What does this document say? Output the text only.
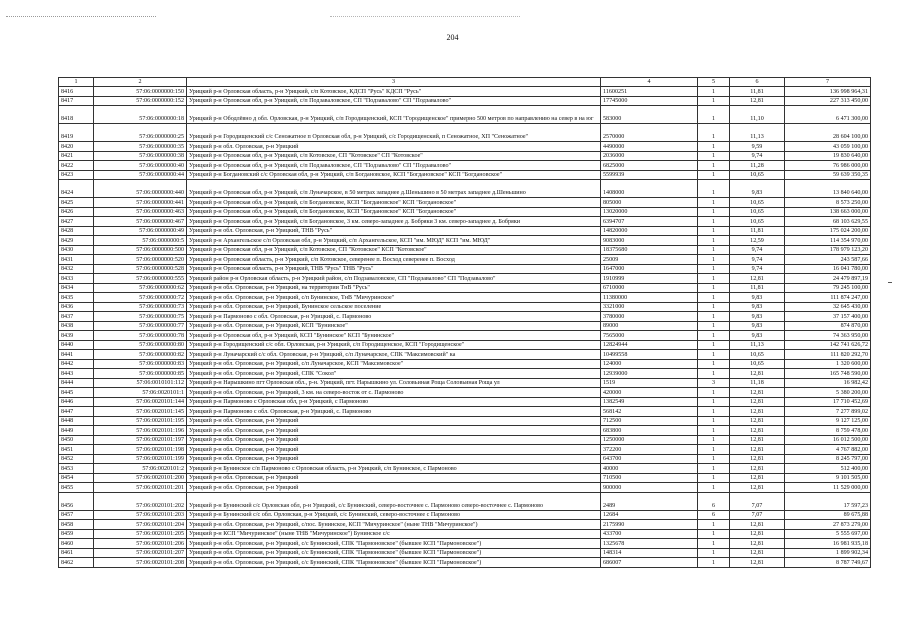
204
1	2	3	4	5	6	7
8416	57:06:0000000:150	Урицкий р-н Орловская область, р-н Урицкий, с/п Котовское, КДСП "Русь" КДСП "Русь"	11600251	1	11,81	136 998 964,31
8417	57:06:0000000:152	Урицкий р-н Орловская обл, р-н Урицкий, с/п Подзавалoвское, СП "Подзавалово" СП "Подзавалово"	17745000	1	12,81	227 313 450,00
8418	57:06:0000000:18	Урицкий р-н Ободлёвно д обл. Орловская, р-н Урицкий, с/п Городищенский, КСП "Городищенское" примерно 500 метров по направлению на север в на юг	583000	1	11,10	6 471 300,00
8419	57:06:0000000:25	Урицкий р-н Городищенский с/с Сеножатное п Орловская обл, р-н Урицкий, с/с Городищенский, п Сеножатное, ХП "Сеножатное"	2570000	1	11,13	28 604 100,00
8420	57:06:0000000:35	Урицкий р-н обл. Орловская, р-н Урицкий	4490000	1	9,59	43 059 100,00
8421	57:06:0000000:38	Урицкий р-н Орловская обл, р-н Урицкий, с/п Котовское, СП "Котовское" СП "Котовское"	2036000	1	9,74	19 830 640,00
8422	57:06:0000000:40	Урицкий р-н Орловская обл, р-н Урицкий, с/п Подзавалoвское, СП "Подзавалово" СП "Подзавалово"	6825000	1	11,28	76 986 000,00
8423	57:06:0000000:44	Урицкий р-н Богдановский с/с Орловская обл, р-н Урицкий, с/п Богдановское, КСП "Богдановское" КСП "Богдановское"	5599939	1	10,65	59 639 350,35
8424	57:06:0000000:440	Урицкий р-н Орловская обл, р-н Урицкий, с/п Луначарское, в 50 метрах западнее д.Шеньшино в 50 метрах западнее д.Шеньшино	1408000	1	9,83	13 840 640,00
8425	57:06:0000000:441	Урицкий р-н Орловская обл, р-н Урицкий, с/п Богдановское, КСП "Богдановское" КСП "Богдановское"	805000	1	10,65	8 573 250,00
8426	57:06:0000000:463	Урицкий р-н Орловская обл, р-н Урицкий, с/п Богдановское, КСП "Богдановское" КСП "Богдановское"	13020000	1	10,65	138 663 000,00
8427	57:06:0000000:467	Урицкий р-н Орловская обл, р-н Урицкий, с/п Богдановское, 3 км. северо-западнее д. Бобряки 3 км. северо-западнее д. Бобряки	6394707	1	10,65	68 103 629,55
8428	57:06:0000000:49	Урицкий р-н обл. Орловская, р-н Урицкий, ТНВ "Русь"	14820000	1	11,81	175 024 200,00
8429	57:06:0000000:5	Урицкий р-н Архангельское с/п Орловская обл, р-н Урицкий, с/п Архангельское, КСП "им. МЮД" КСП "им. МЮД"	9083000	1	12,59	114 354 970,00
8430	57:06:0000000:500	Урицкий р-н Орловская обл, р-н Урицкий, с/п Котовское, СП "Котовское" КСП "Котовское"	18375680	1	9,74	178 979 123,20
8431	57:06:0000000:520	Урицкий р-н Орловская область, р-н Урицкий, с/п Котовское, северенее п. Восход северенее п. Восход	25009	1	9,74	243 587,66
8432	57:06:0000000:528	Урицкий р-н Орловская область, р-н Урицкий, ТНВ "Русь" ТНВ "Русь"	1647000	1	9,74	16 041 780,00
8433	57:06:0000000:555	Урицкий район р-н Орловская область, р-н Урицкий район, с/п Подзавалoвское, СП "Подзавалово" СП "Подзавалово"	1910999	1	12,81	24 479 897,19
8434	57:06:0000000:62	Урицкий р-н обл. Орловская, р-н Урицкий, на территории ТнВ "Русь"	6710000	1	11,81	79 245 100,00
8435	57:06:0000000:72	Урицкий р-н обл. Орловская, р-н Урицкий, с/п Бунинское, ТнВ "Мичуринское"	11380000	1	9,83	111 874 247,00
8436	57:06:0000000:73	Урицкий р-н обл. Орловская, р-н Урицкий, Бунинское сельское поселение	3321000	1	9,83	32 645 430,00
8437	57:06:0000000:75	Урицкий р-н Пармоново с обл. Орловская, р-н Урицкий, с. Пармоново	3780000	1	9,83	37 157 400,00
8438	57:06:0000000:77	Урицкий р-н обл. Орловская, р-н Урицкий, КСП "Бунинское"	89000	1	9,83	874 870,00
8439	57:06:0000000:78	Урицкий р-н Орловская обл, р-н Урицкий, КСП "Бунинское" КСП "Бунинское"	7565000	1	9,83	74 363 950,00
8440	57:06:0000000:80	Урицкий р-н Городищенский с/с обл. Орловская, р-н Урицкий, с/п Городищенское, КСП "Городищенское"	12824944	1	11,13	142 741 626,72
8441	57:06:0000000:82	Урицкий р-н Луначарский с/с обл. Орловская, р-н Урицкий, с/п Луначарское, СПК "Максимовский" ка	10499558	1	10,65	111 820 292,70
8442	57:06:0000000:83	Урицкий р-н обл. Орловская, р-н Урицкий, с/п Луначарское, КСП "Максимовское"	124000	1	10,65	1 320 600,00
8443	57:06:0000000:85	Урицкий р-н обл. Орловская, р-н Урицкий, СПК "Сокол"	12939000	1	12,81	165 748 590,00
8444	57:06:0010101:112	Урицкий р-н Нарышкино пгт Орловская обл., р-н. Урицкий, пгт. Нарышкино ул. Соловьиная Роща Соловьиная Роща ул	1519	3	11,18	16 982,42
8445	57:06:0020101:1	Урицкий р-н обл. Орловская, р-н Урицкий, 3 км. на северо-восток от с. Пармоново	420000	1	12,81	5 380 200,00
8446	57:06:0020101:144	Урицкий р-н Пармоново с Орловская обл, р-н Урицкий, с Пармоново	1382549	1	12,81	17 710 452,69
8447	57:06:0020101:145	Урицкий р-н Пармоново с обл. Орловская, р-н Урицкий, с. Пармоново	568142	1	12,81	7 277 899,02
8448	57:06:0020101:195	Урицкий р-н обл. Орловская, р-н Урицкий	712500	1	12,81	9 127 125,00
8449	57:06:0020101:196	Урицкий р-н обл. Орловская, р-н Урицкий	683800	1	12,81	8 759 478,00
8450	57:06:0020101:197	Урицкий р-н обл. Орловская, р-н Урицкий	1250000	1	12,81	16 012 500,00
8451	57:06:0020101:198	Урицкий р-н обл. Орловская, р-н Урицкий	372200	1	12,81	4 767 882,00
8452	57:06:0020101:199	Урицкий р-н обл. Орловская, р-н Урицкий	643700	1	12,81	8 245 797,00
8453	57:06:0020101:2	Урицкий р-н Бунинское с/п Пармоново с Орловская область, р-н Урицкий, с/п Бунинское, с Пармоново	40000	1	12,81	512 400,00
8454	57:06:0020101:200	Урицкий р-н обл. Орловская, р-н Урицкий	710500	1	12,81	9 101 505,00
8455	57:06:0020101:201	Урицкий р-н обл. Орловская, р-н Урицкий	900000	1	12,81	11 529 000,00
8456	57:06:0020101:202	Урицкий р-н Бунинский с/с Орловская обл, р-н Урицкий, с/с Бунинский, северо-восточнее с. Пармоново северо-восточнее с. Пармоново	2489	6	7,07	17 597,23
8457	57:06:0020101:203	Урицкий р-н Бунинский с/с обл. Орловская, р-н Урицкий, с/с Бунинский, северо-восточнее с Пармоново	12684	6	7,07	89 675,88
8458	57:06:0020101:204	Урицкий р-н обл. Орловская, р-н Урицкий, с/пос. Бунинское, КСП "Мичуринское" (ныне ТНВ "Мичуринское")	2175990	1	12,81	27 873 279,00
8459	57:06:0020101:205	Урицкий р-н КСП "Мичуринское" (ныне ТНВ "Мичуринское") Бунинское с/с	433700	1	12,81	5 555 697,00
8460	57:06:0020101:206	Урицкий р-н обл. Орловская, р-н Урицкий, с/с Бунинский, СПК "Пармоновское" (бывшее КСП "Пармоновское")	1325678	1	12,81	16 981 935,18
8461	57:06:0020101:207	Урицкий р-н обл. Орловская, р-н Урицкий, с/с Бунинский, СПК "Пармоновское" (бывшее КСП "Пармоновское")	148314	1	12,81	1 899 902,34
8462	57:06:0020101:208	Урицкий р-н обл. Орловская, р-н Урицкий, с/с Бунинский, СПК "Пармоновское" (бывшее КСП "Пармоновское")	686007	1	12,81	8 787 749,67
